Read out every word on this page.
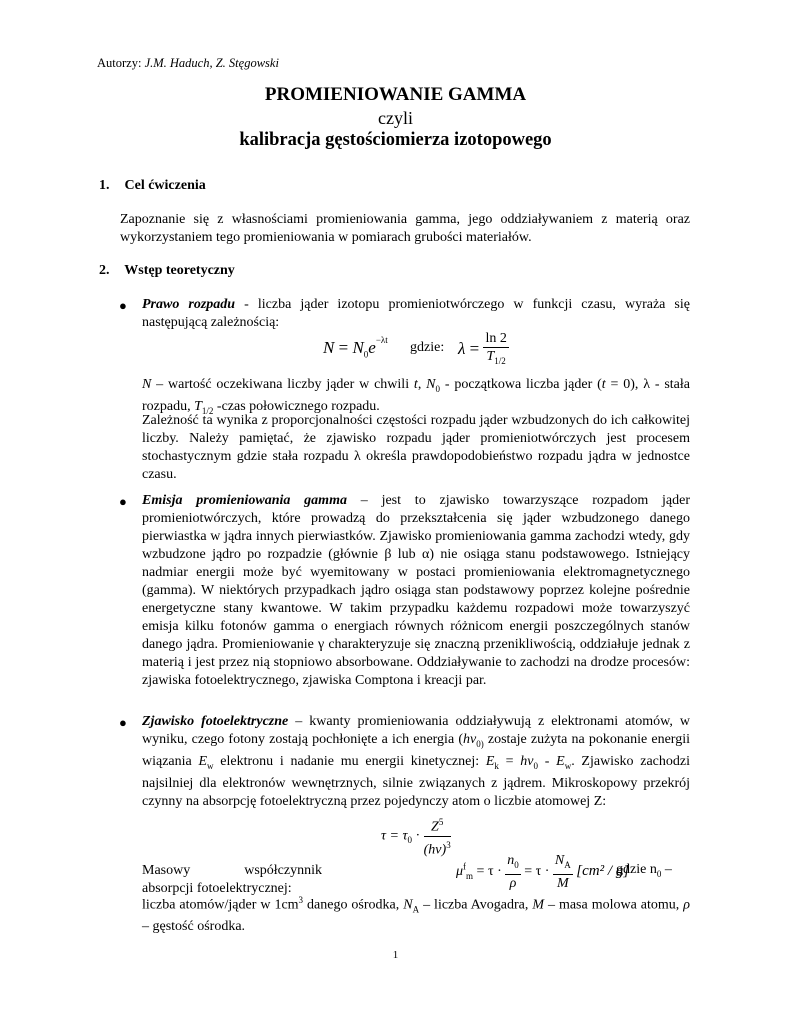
Autorzy: J.M. Haduch, Z. Stęgowski
PROMIENIOWANIE GAMMA
czyli
kalibracja gęstościomierza izotopowego
1. Cel ćwiczenia
Zapoznanie się z własnościami promieniowania gamma, jego oddziaływaniem z materią oraz wykorzystaniem tego promieniowania w pomiarach grubości materiałów.
2. Wstęp teoretyczny
● Prawo rozpadu - liczba jąder izotopu promieniotwórczego w funkcji czasu, wyraża się następującą zależnością:
$N = N_0e^{-\lambda t}$ gdzie: $\lambda = \frac{\ln 2}{T_{1/2}}$
N – wartość oczekiwana liczby jąder w chwili t, $N_0$ - początkowa liczba jąder (t = 0), λ - stała rozpadu, $T_{1/2}$ -czas połowicznego rozpadu.
Zależność ta wynika z proporcjonalności częstości rozpadu jąder wzbudzonych do ich całkowitej liczby. Należy pamiętać, że zjawisko rozpadu jąder promieniotwórczych jest procesem stochastycznym gdzie stała rozpadu λ określa prawdopodobieństwo rozpadu jądra w jednostce czasu.
● Emisja promieniowania gamma – jest to zjawisko towarzyszące rozpadom jąder promieniotwórczych, które prowadzą do przekształcenia się jąder wzbudzonego danego pierwiastka w jądra innych pierwiastków. Zjawisko promieniowania gamma zachodzi wtedy, gdy wzbudzone jądro po rozpadzie (głównie β lub α) nie osiąga stanu podstawowego. Istniejący nadmiar energii może być wyemitowany w postaci promieniowania elektromagnetycznego (gamma). W niektórych przypadkach jądro osiąga stan podstawowy poprzez kolejne pośrednie energetyczne stany kwantowe. W takim przypadku każdemu rozpadowi może towarzyszyć emisja kilku fotonów gamma o energiach równych różnicom energii poszczególnych stanów danego jądra. Promieniowanie γ charakteryzuje się znaczną przenikliwością, oddziałuje jednak z materią i jest przez nią stopniowo absorbowane. Oddziaływanie to zachodzi na drodze procesów: zjawiska fotoelektrycznego, zjawiska Comptona i kreacji par.
● Zjawisko fotoelektryczne – kwanty promieniowania oddziaływują z elektronami atomów, w wyniku, czego fotony zostają pochłonięte a ich energia ($hv_{0)}$ zostaje zużyta na pokonanie energii wiązania $E_w$ elektronu i nadanie mu energii kinetycznej: $E_k = hv_0 - E_w$. Zjawisko zachodzi najsilniej dla elektronów wewnętrznych, silnie związanych z jądrem. Mikroskopowy przekrój czynny na absorpcję fotoelektryczną przez pojedynczy atom o liczbie atomowej Z:
$\tau = \tau_0 \cdot \frac{Z^5}{(h\nu)^3}$
Masowy współczynnik absorpcji fotoelektrycznej:
$\mu^f_m = \tau \cdot \frac{n_0}{\rho} = \tau \cdot \frac{N_A}{M} [cm^2 / g]$
gdzie $n_0$ –
liczba atomów/jąder w $1cm^3$ danego ośrodka, $N_A$ – liczba Avogadra, M – masa molowa atomu, ρ – gęstość ośrodka.
1
